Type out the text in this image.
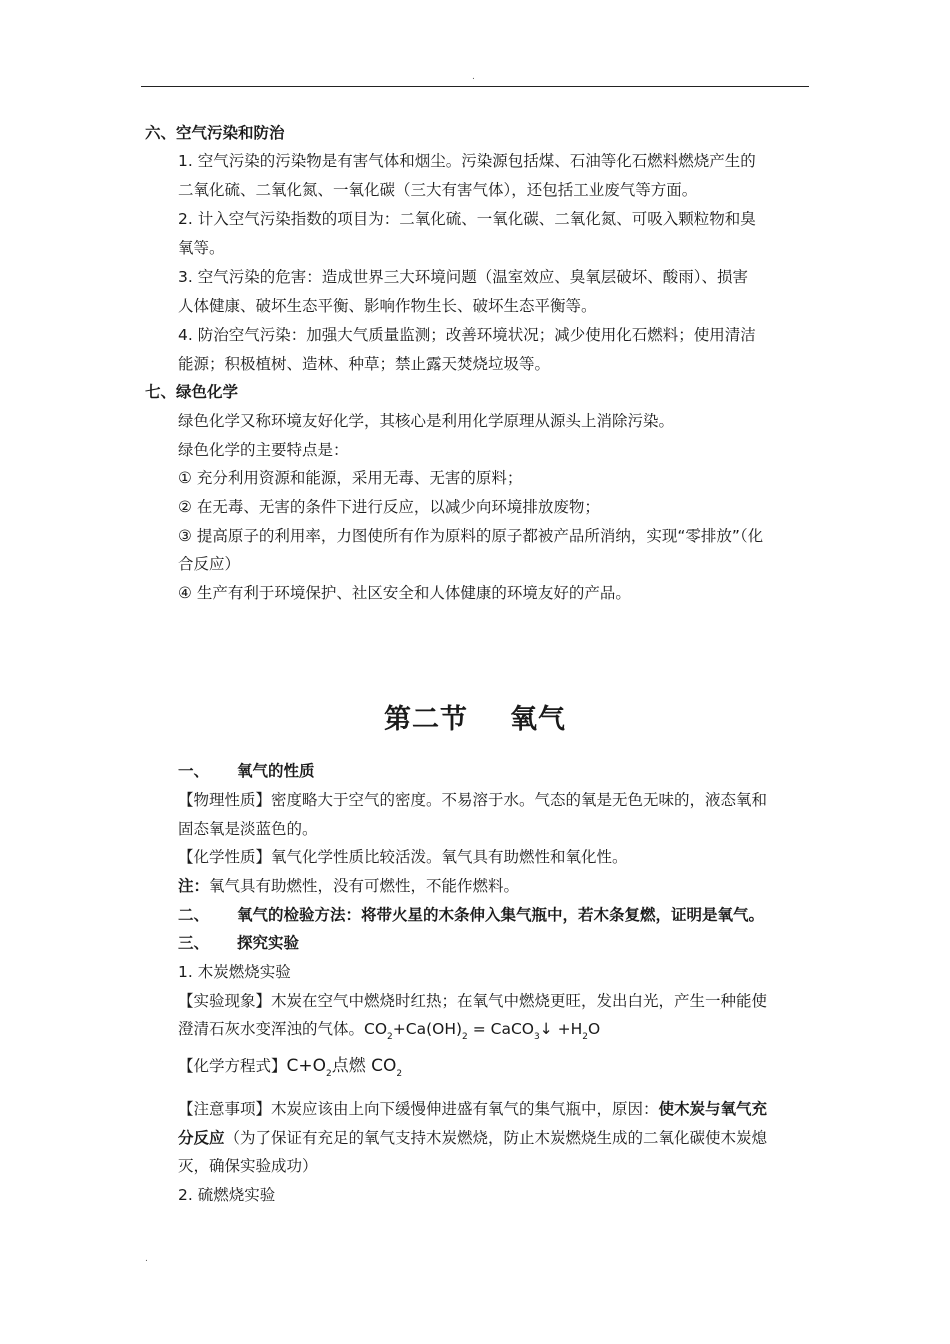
.
六、空气污染和防治
1. 空气污染的污染物是有害气体和烟尘。污染源包括煤、石油等化石燃料燃烧产生的
二氧化硫、二氧化氮、一氧化碳（三大有害气体），还包括工业废气等方面。
2. 计入空气污染指数的项目为：二氧化硫、一氧化碳、二氧化氮、可吸入颗粒物和臭
氧等。
3. 空气污染的危害：造成世界三大环境问题（温室效应、臭氧层破坏、酸雨）、损害
人体健康、破坏生态平衡、影响作物生长、破坏生态平衡等。
4. 防治空气污染：加强大气质量监测；改善环境状况；减少使用化石燃料；使用清洁
能源；积极植树、造林、种草；禁止露天焚烧垃圾等。
七、绿色化学
绿色化学又称环境友好化学，其核心是利用化学原理从源头上消除污染。
绿色化学的主要特点是：
① 充分利用资源和能源，采用无毒、无害的原料；
② 在无毒、无害的条件下进行反应，以减少向环境排放废物；
③ 提高原子的利用率，力图使所有作为原料的原子都被产品所消纳，实现“零排放”（化
合反应）
④ 生产有利于环境保护、社区安全和人体健康的环境友好的产品。
第二节 氧气
一、 氧气的性质
【物理性质】密度略大于空气的密度。不易溶于水。气态的氧是无色无味的，液态氧和
固态氧是淡蓝色的。
【化学性质】氧气化学性质比较活泼。氧气具有助燃性和氧化性。
注：氧气具有助燃性，没有可燃性，不能作燃料。
二、 氧气的检验方法：将带火星的木条伸入集气瓶中，若木条复燃，证明是氧气。
三、 探究实验
1. 木炭燃烧实验
【实验现象】木炭在空气中燃烧时红热；在氧气中燃烧更旺，发出白光，产生一种能使
澄清石灰水变浑浊的气体。$CO_2+Ca(OH)_2$ = CaCO$_3$↓ $+H_2O$
【化学方程式】$C+O_2$点燃 $CO_2$
【注意事项】木炭应该由上向下缓慢伸进盛有氧气的集气瓶中，原因：使木炭与氧气充
分反应（为了保证有充足的氧气支持木炭燃烧，防止木炭燃烧生成的二氧化碳使木炭熄
灭，确保实验成功）
2. 硫燃烧实验
.
